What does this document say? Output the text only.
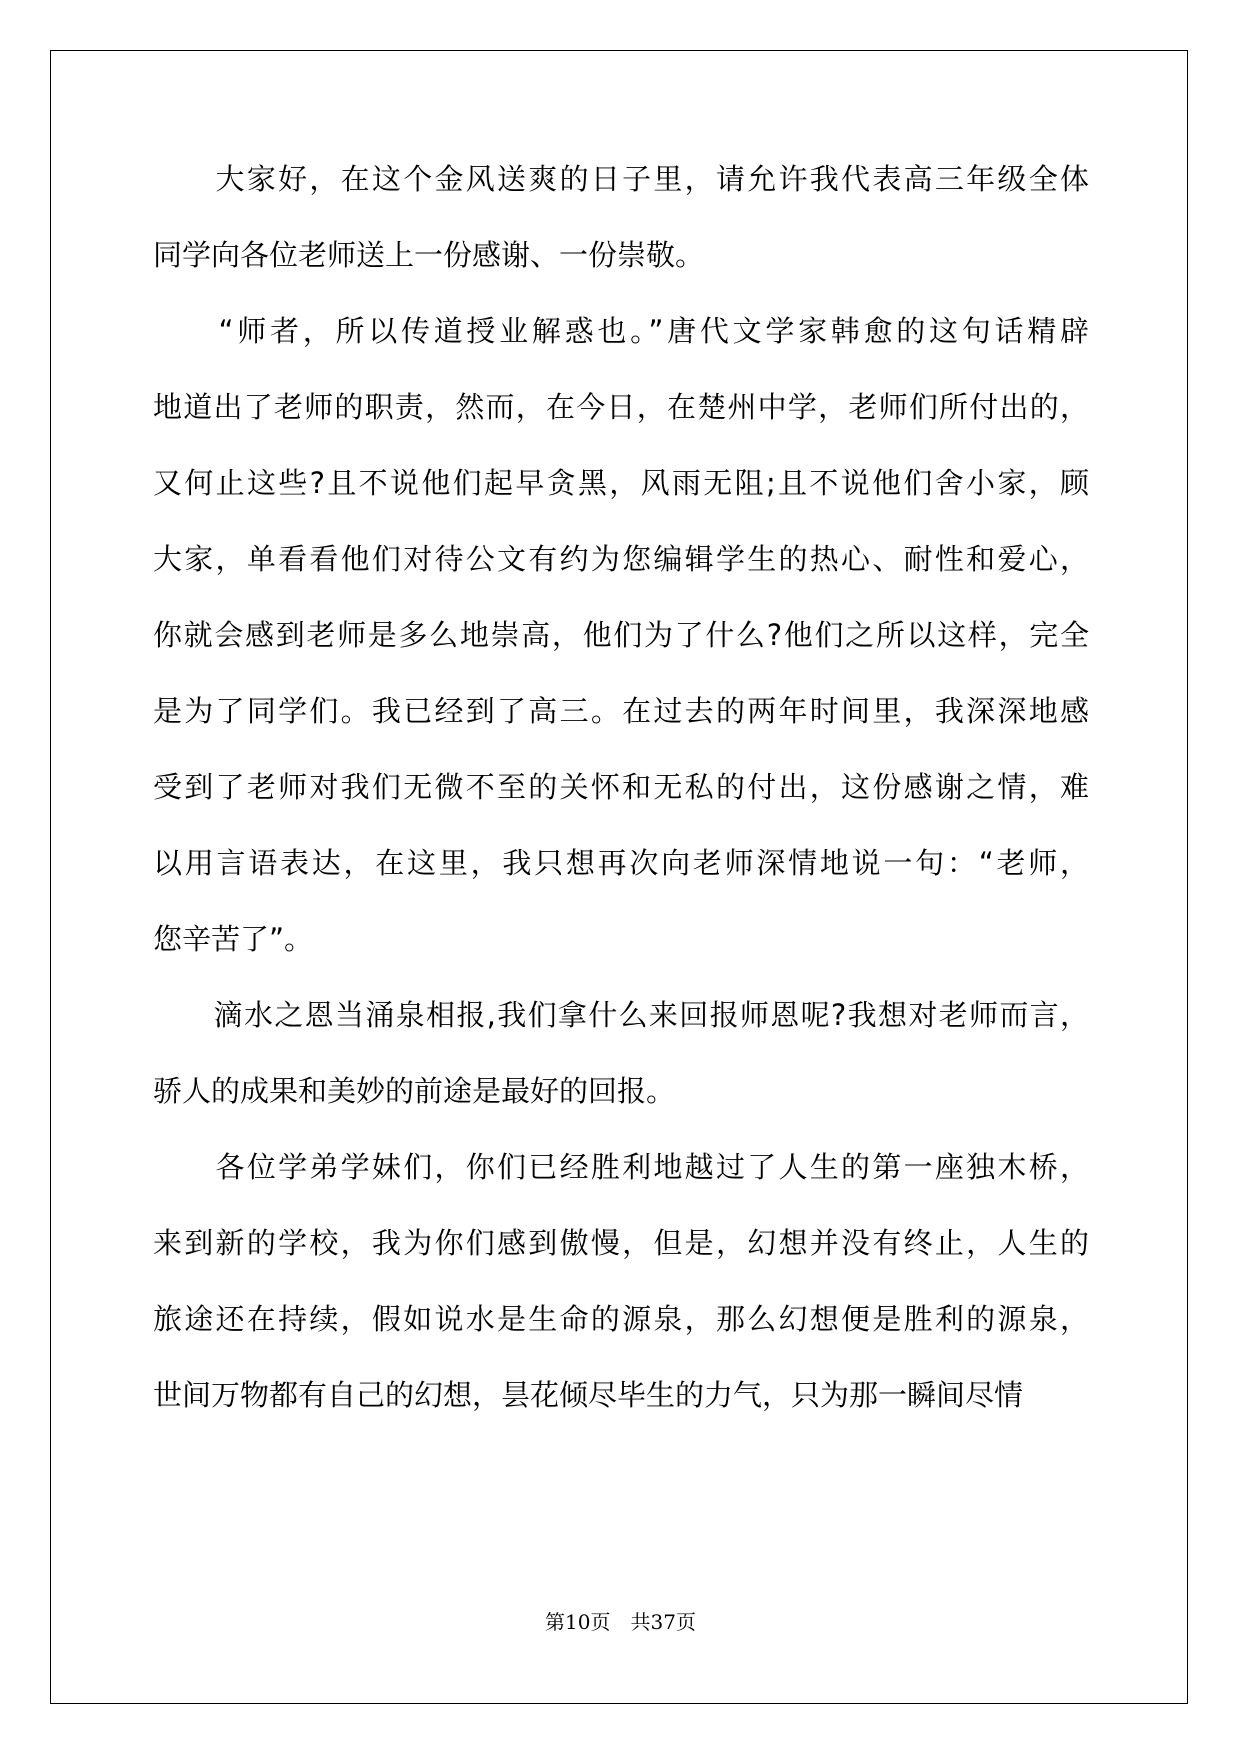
　　大家好，在这个金风送爽的日子里，请允许我代表高三年级全体
同学向各位老师送上一份感谢、一份崇敬。
　　“师者，所以传道授业解惑也。”唐代文学家韩愈的这句话精辟
地道出了老师的职责，然而，在今日，在楚州中学，老师们所付出的，
又何止这些?且不说他们起早贪黑，风雨无阻;且不说他们舍小家，顾
大家，单看看他们对待公文有约为您编辑学生的热心、耐性和爱心，
你就会感到老师是多么地崇高，他们为了什么?他们之所以这样，完全
是为了同学们。我已经到了高三。在过去的两年时间里，我深深地感
受到了老师对我们无微不至的关怀和无私的付出，这份感谢之情，难
以用言语表达，在这里，我只想再次向老师深情地说一句：“老师，
您辛苦了”。
　　滴水之恩当涌泉相报,我们拿什么来回报师恩呢?我想对老师而言，
骄人的成果和美妙的前途是最好的回报。
　　各位学弟学妹们，你们已经胜利地越过了人生的第一座独木桥，
来到新的学校，我为你们感到傲慢，但是，幻想并没有终止，人生的
旅途还在持续，假如说水是生命的源泉，那么幻想便是胜利的源泉，
世间万物都有自己的幻想，昙花倾尽毕生的力气，只为那一瞬间尽情
第10页　共37页
